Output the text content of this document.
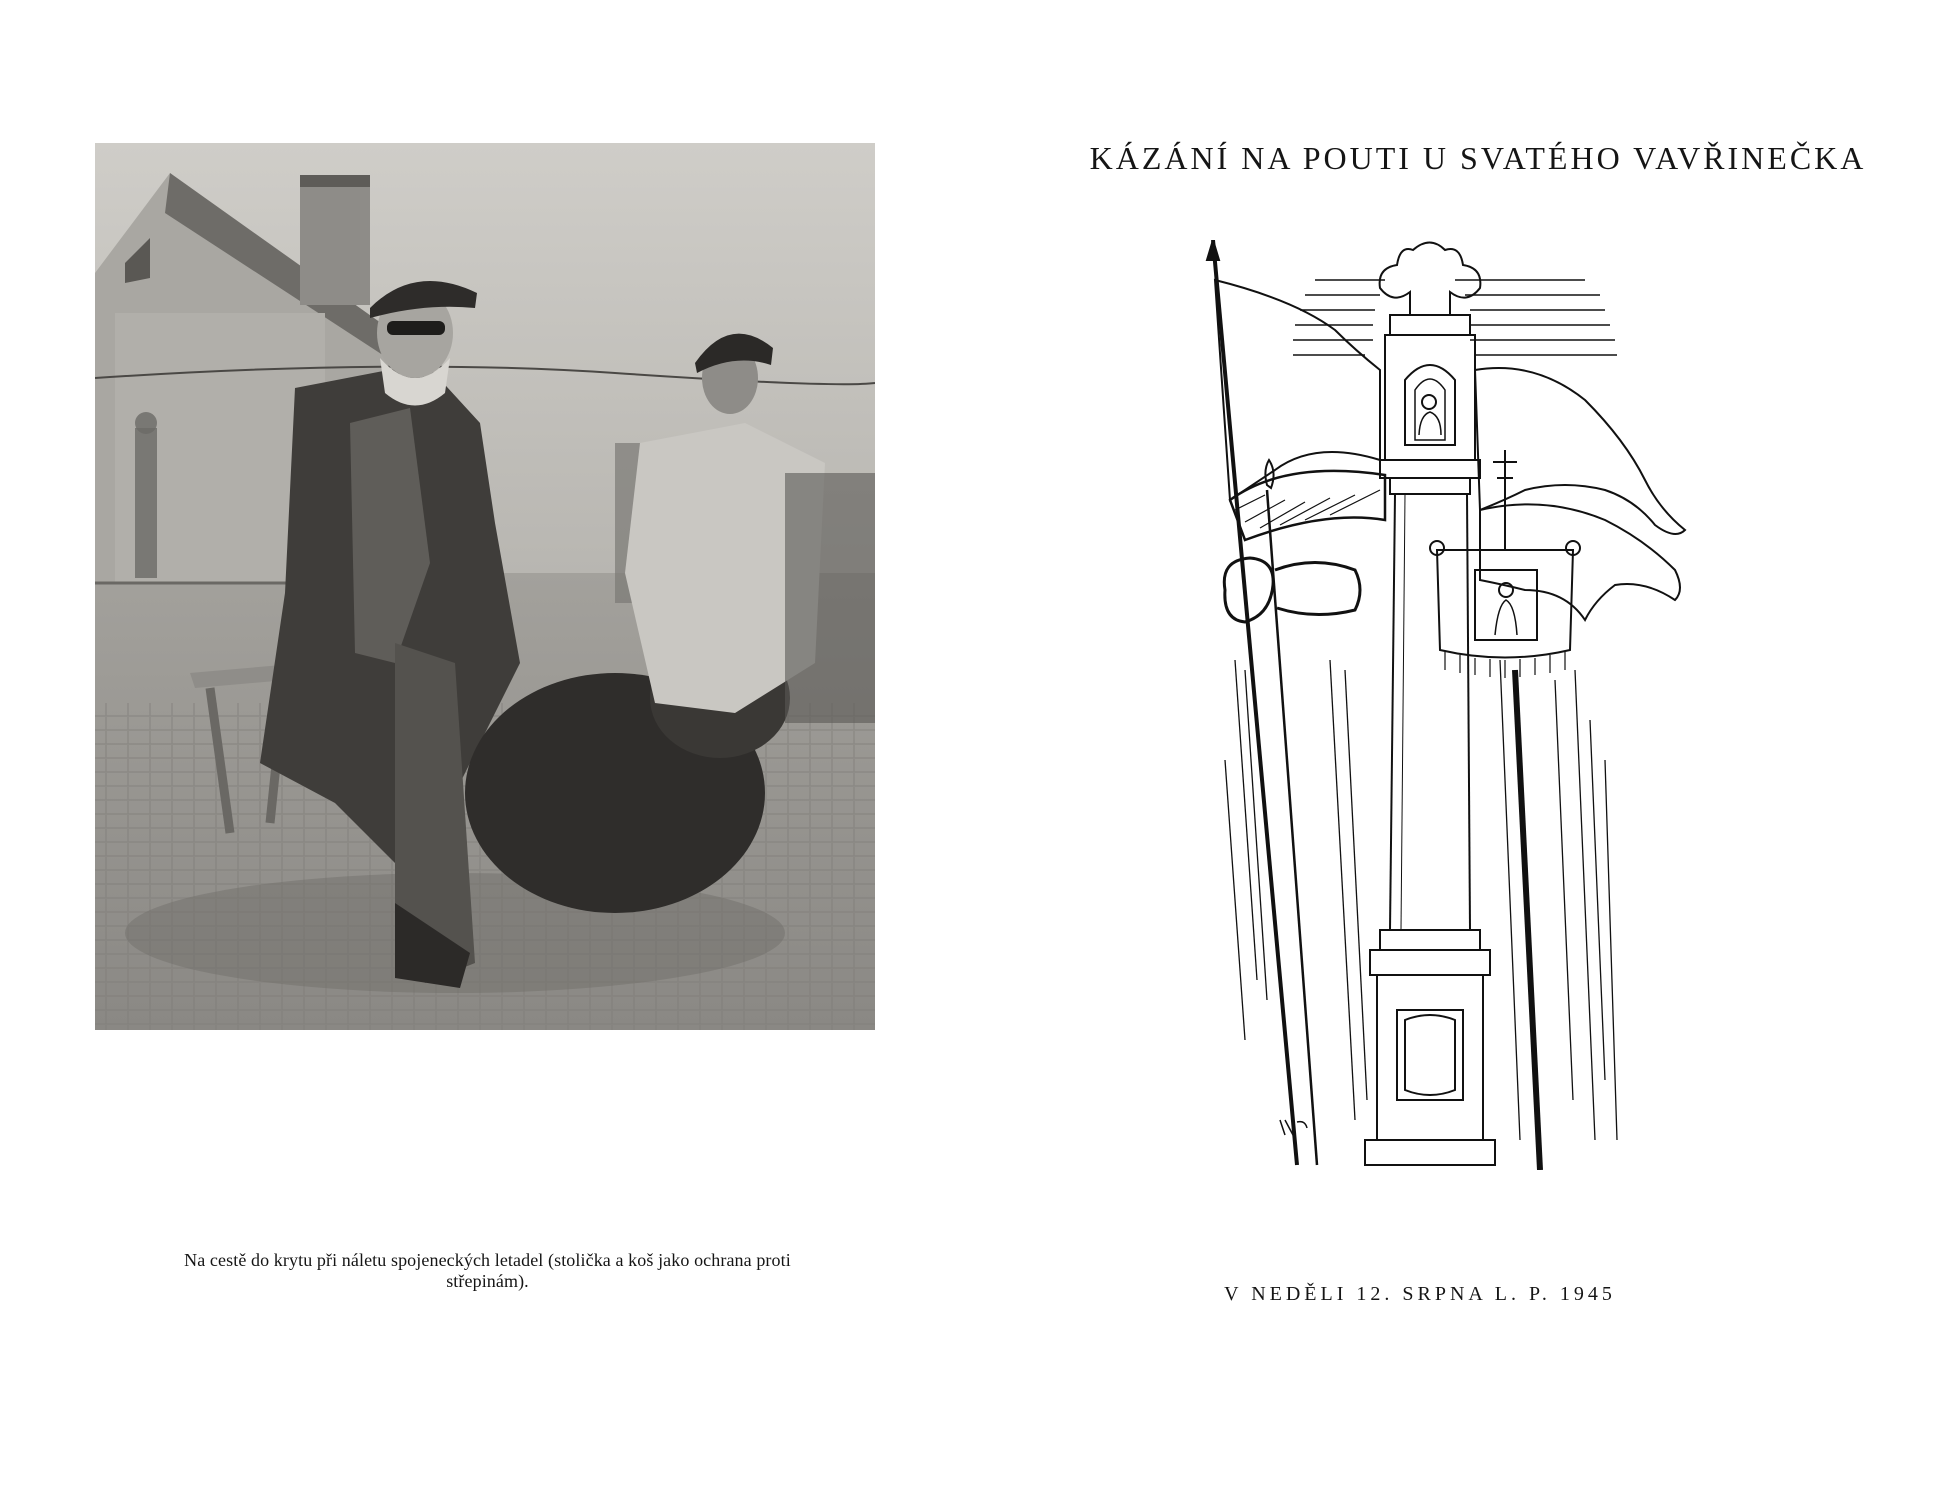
Na cestě do krytu při náletu spojeneckých letadel (stolička a koš jako ochrana proti
střepinám).
KÁZÁNÍ NA POUTI U SVATÉHO VAVŘINEČKA
V NEDĚLI 12. SRPNA L. P. 1945
